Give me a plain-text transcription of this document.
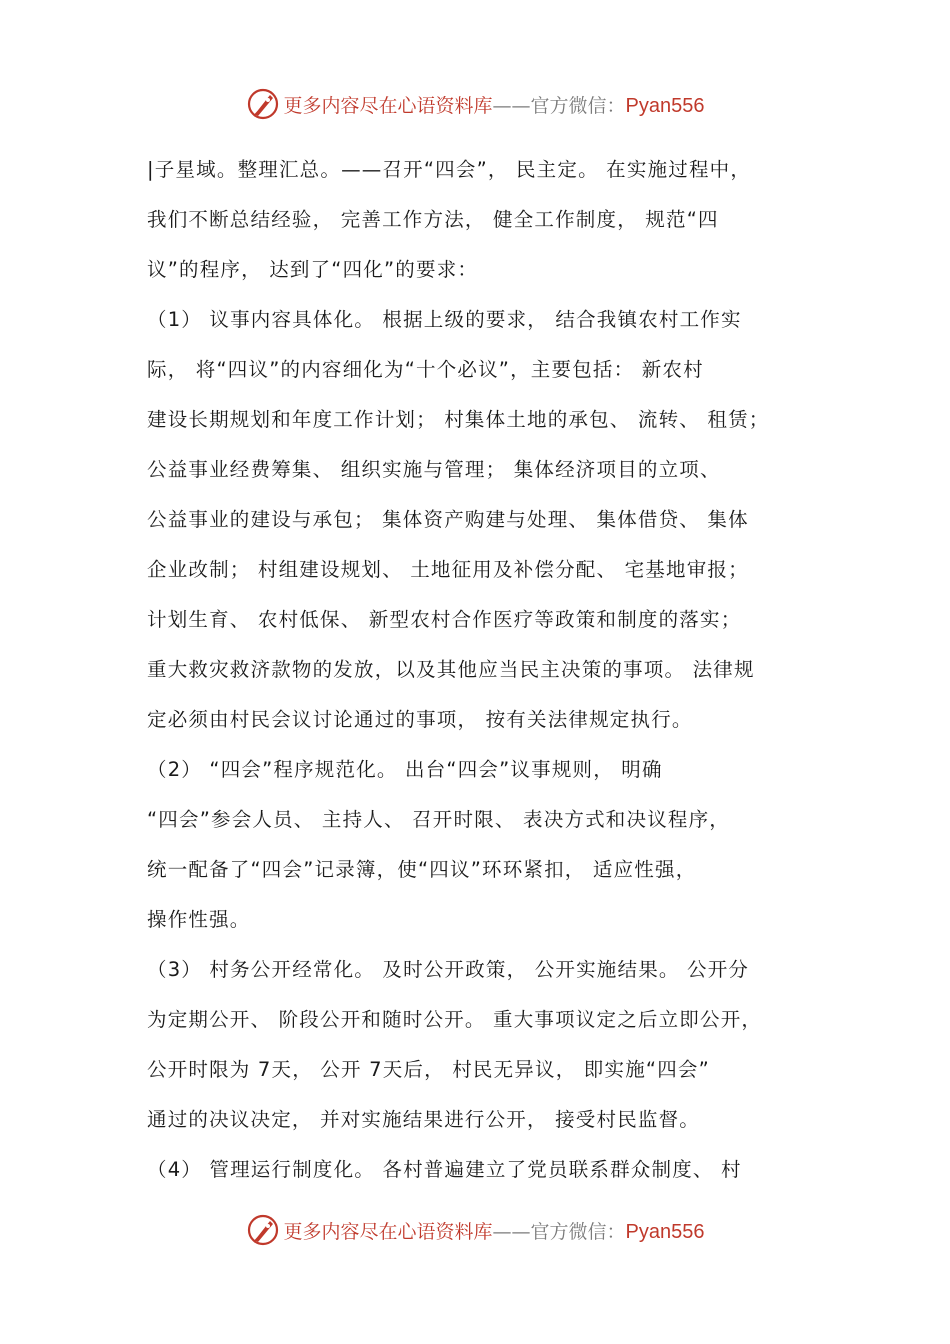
更多内容尽在心语资料库——官方微信：Pyan556
|子星域。整理汇总。——召开“四会”， 民主定。 在实施过程中，
我们不断总结经验， 完善工作方法， 健全工作制度， 规范“四
议”的程序， 达到了“四化”的要求：
（1） 议事内容具体化。 根据上级的要求， 结合我镇农村工作实
际， 将“四议”的内容细化为“十个必议”，主要包括： 新农村
建设长期规划和年度工作计划； 村集体土地的承包、 流转、 租赁；
公益事业经费筹集、 组织实施与管理； 集体经济项目的立项、
公益事业的建设与承包； 集体资产购建与处理、 集体借贷、 集体
企业改制； 村组建设规划、 土地征用及补偿分配、 宅基地审报；
计划生育、 农村低保、 新型农村合作医疗等政策和制度的落实；
重大救灾救济款物的发放，以及其他应当民主决策的事项。 法律规
定必须由村民会议讨论通过的事项， 按有关法律规定执行。
（2） “四会”程序规范化。 出台“四会”议事规则， 明确
“四会”参会人员、 主持人、 召开时限、 表决方式和决议程序，
统一配备了“四会”记录簿，使“四议”环环紧扣， 适应性强，
操作性强。
（3） 村务公开经常化。 及时公开政策， 公开实施结果。 公开分
为定期公开、 阶段公开和随时公开。 重大事项议定之后立即公开，
公开时限为 7天， 公开 7天后， 村民无异议， 即实施“四会”
通过的决议决定， 并对实施结果进行公开， 接受村民监督。
（4） 管理运行制度化。 各村普遍建立了党员联系群众制度、 村
更多内容尽在心语资料库——官方微信：Pyan556
